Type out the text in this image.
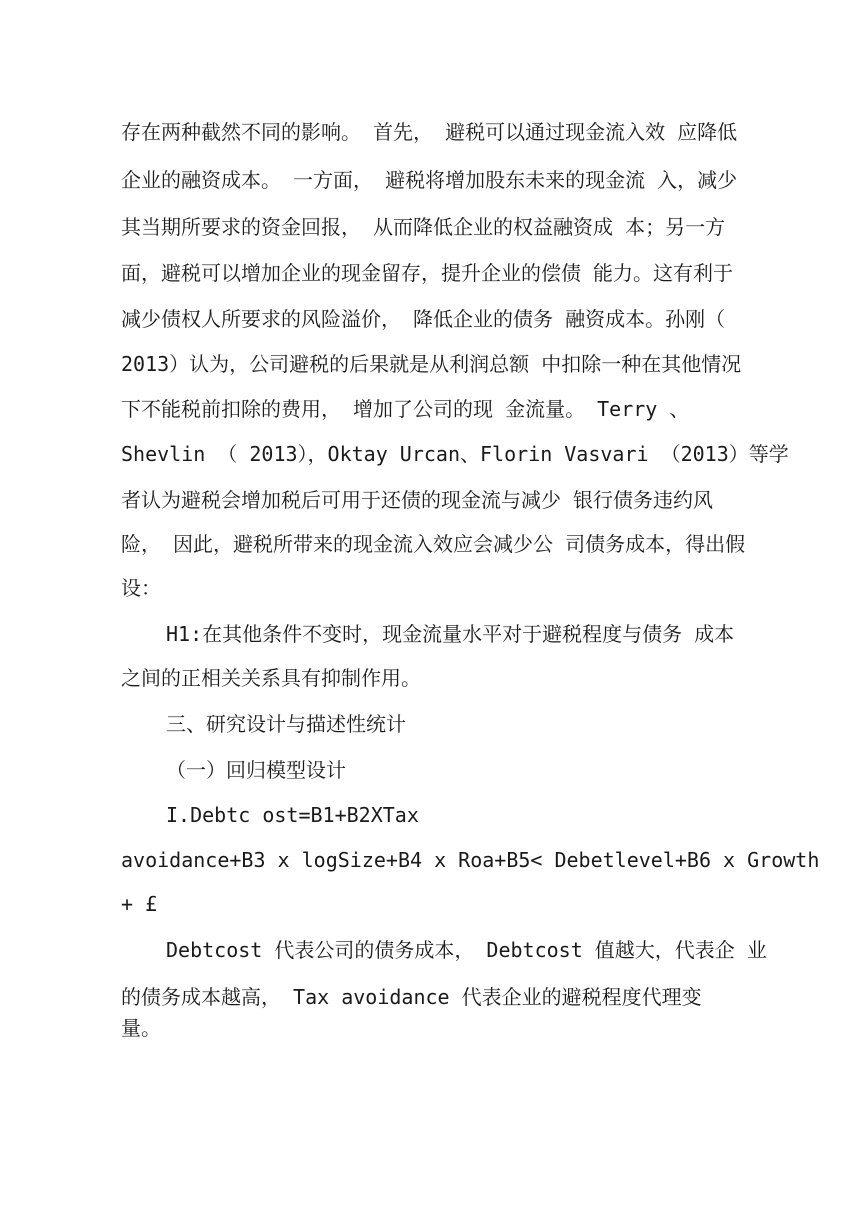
存在两种截然不同的影响。 首先， 避税可以通过现金流入效 应降低
企业的融资成本。 一方面， 避税将增加股东未来的现金流 入，减少
其当期所要求的资金回报， 从而降低企业的权益融资成 本；另一方
面，避税可以增加企业的现金留存，提升企业的偿债 能力。这有利于
减少债权人所要求的风险溢价， 降低企业的债务 融资成本。孙刚（
2013）认为，公司避税的后果就是从利润总额 中扣除一种在其他情况
下不能税前扣除的费用， 增加了公司的现 金流量。 Terry 、
Shevlin （ 2013），Oktay Urcan、Florin Vasvari （2013）等学
者认为避税会增加税后可用于还债的现金流与减少 银行债务违约风
险， 因此，避税所带来的现金流入效应会减少公 司债务成本，得出假
设：
H1:在其他条件不变时，现金流量水平对于避税程度与债务 成本
之间的正相关关系具有抑制作用。
三、研究设计与描述性统计
（一）回归模型设计
I.Debtc ost=B1+B2XTax
avoidance+B3 x logSize+B4 x Roa+B5< Debetlevel+B6 x Growth
+ £
Debtcost 代表公司的债务成本， Debtcost 值越大，代表企 业
的债务成本越高， Tax avoidance 代表企业的避税程度代理变
量。
